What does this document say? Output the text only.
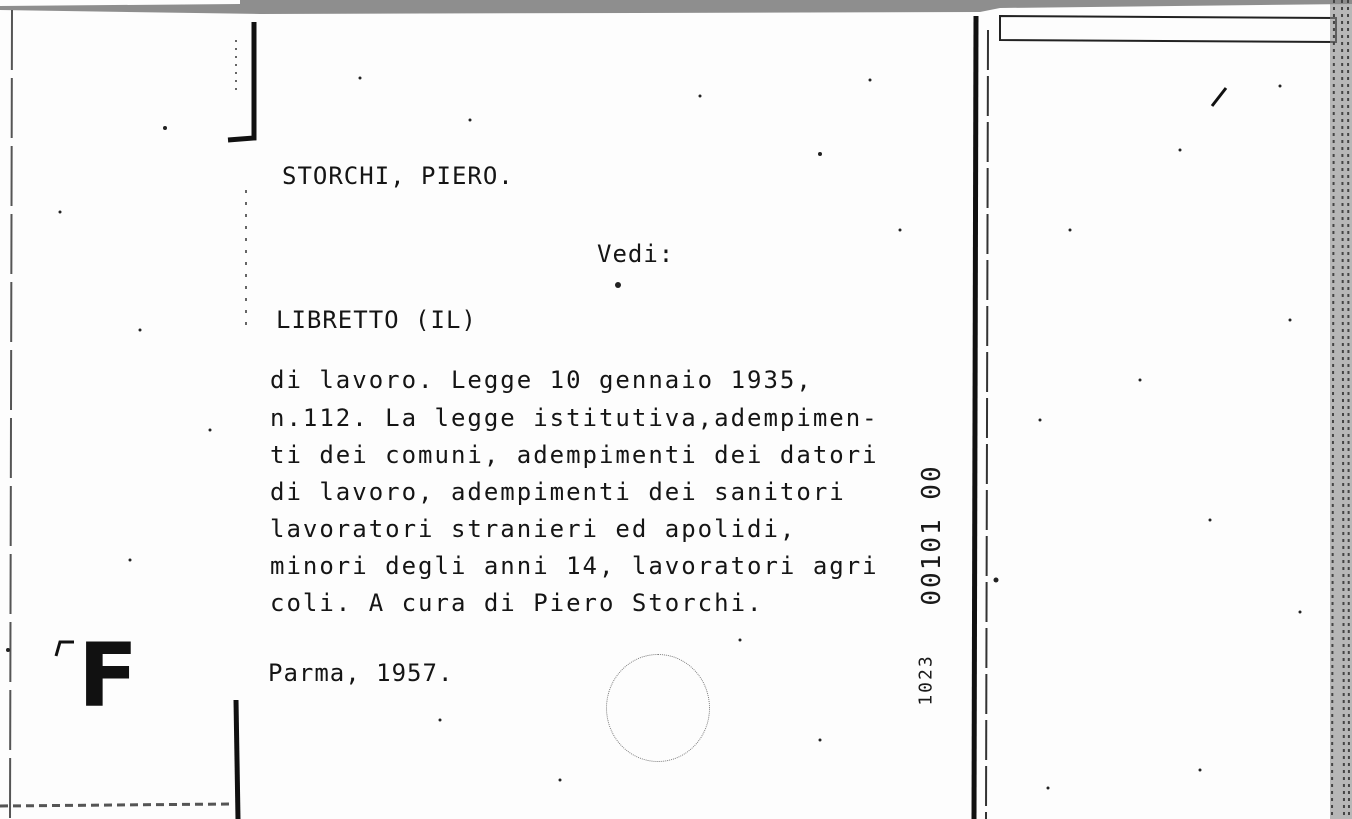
F
STORCHI, PIERO.
Vedi:
LIBRETTO (IL)
di lavoro. Legge 10 gennaio 1935,
n.112. La legge istitutiva,adempimen-
ti dei comuni, adempimenti dei datori
di lavoro, adempimenti dei sanitori
lavoratori stranieri ed apolidi,
minori degli anni 14, lavoratori agri
coli. A cura di Piero Storchi.
Parma, 1957.
00101 00
1023
